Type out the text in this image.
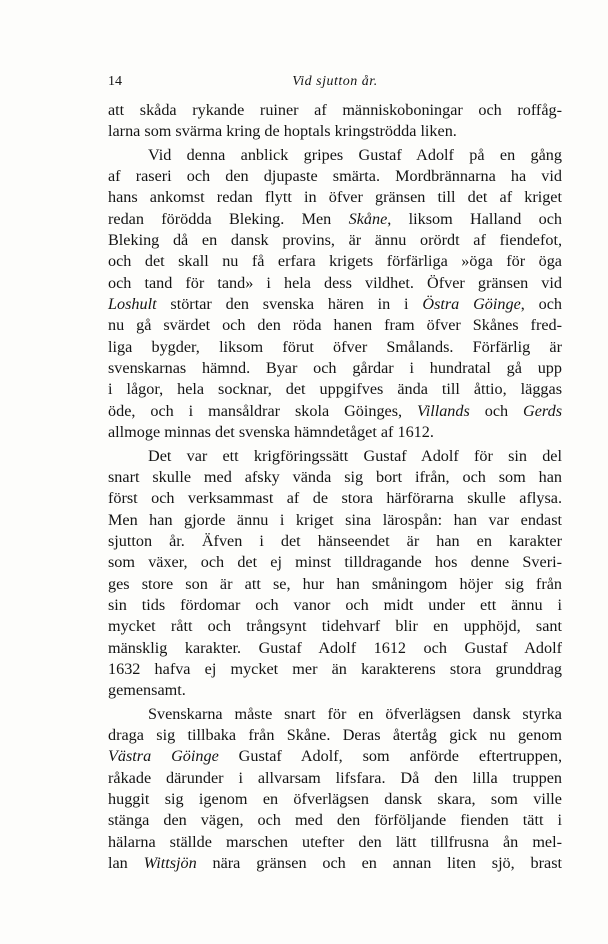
14	Vid sjutton år.
att skåda rykande ruiner af människoboningar och roffåg-
larna som svärma kring de hoptals kringströdda liken.
Vid denna anblick gripes Gustaf Adolf på en gång
af raseri och den djupaste smärta. Mordbrännarna ha vid
hans ankomst redan flytt in öfver gränsen till det af kriget
redan förödda Bleking. Men Skåne, liksom Halland och
Bleking då en dansk provins, är ännu orördt af fiendefot,
och det skall nu få erfara krigets förfärliga »öga för öga
och tand för tand» i hela dess vildhet. Öfver gränsen vid
Loshult störtar den svenska hären in i Östra Göinge, och
nu gå svärdet och den röda hanen fram öfver Skånes fred-
liga bygder, liksom förut öfver Smålands. Förfärlig är
svenskarnas hämnd. Byar och gårdar i hundratal gå upp
i lågor, hela socknar, det uppgifves ända till åttio, läggas
öde, och i mansåldrar skola Göinges, Villands och Gerds
allmoge minnas det svenska hämndetåget af 1612.
Det var ett krigföringssätt Gustaf Adolf för sin del
snart skulle med afsky vända sig bort ifrån, och som han
först och verksammast af de stora härförarna skulle aflysa.
Men han gjorde ännu i kriget sina lärospån: han var endast
sjutton år. Äfven i det hänseendet är han en karakter
som växer, och det ej minst tilldragande hos denne Sveri-
ges store son är att se, hur han småningom höjer sig från
sin tids fördomar och vanor och midt under ett ännu i
mycket rått och trångsynt tidehvarf blir en upphöjd, sant
mänsklig karakter. Gustaf Adolf 1612 och Gustaf Adolf
1632 hafva ej mycket mer än karakterens stora grunddrag
gemensamt.
Svenskarna måste snart för en öfverlägsen dansk styrka
draga sig tillbaka från Skåne. Deras återtåg gick nu genom
Västra Göinge Gustaf Adolf, som anförde eftertruppen,
råkade därunder i allvarsam lifsfara. Då den lilla truppen
huggit sig igenom en öfverlägsen dansk skara, som ville
stänga den vägen, och med den förföljande fienden tätt i
hälarna ställde marschen utefter den lätt tillfrusna ån mel-
lan Wittsjön nära gränsen och en annan liten sjö, brast
